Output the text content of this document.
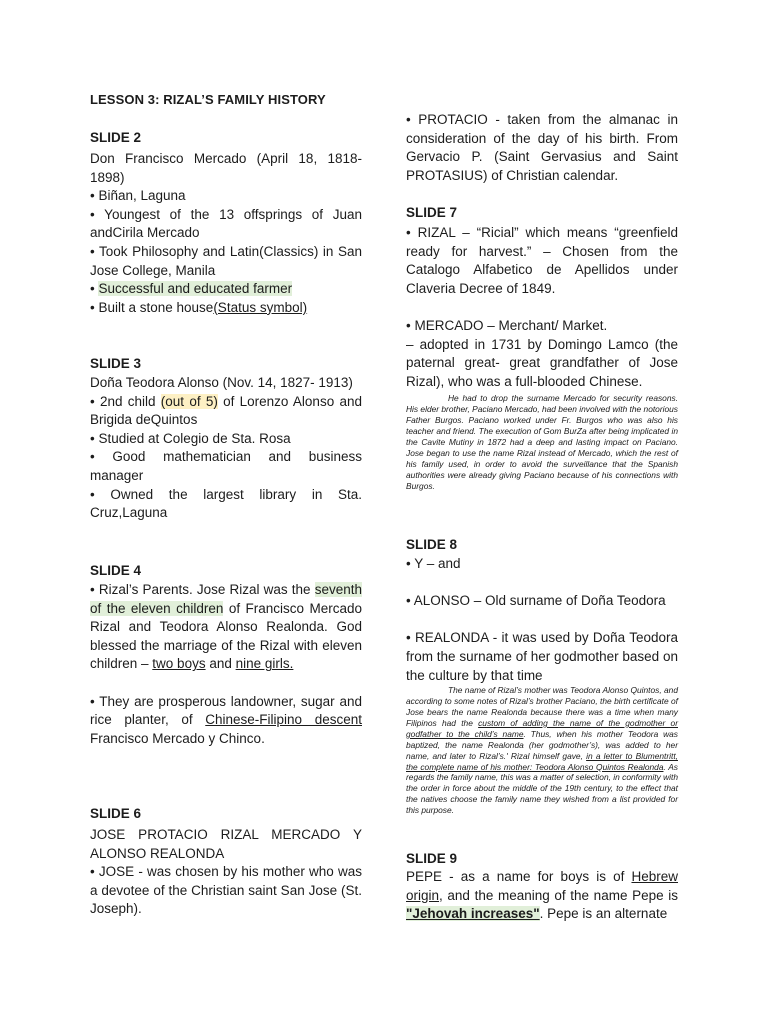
LESSON 3: RIZAL’S FAMILY HISTORY

SLIDE 2

Don Francisco Mercado (April 18, 1818-1898)

• Biñan, Laguna

• Youngest of the 13 offsprings of Juan andCirila Mercado

• Took Philosophy and Latin(Classics) in San Jose College, Manila

• Successful and educated farmer

• Built a stone house(Status symbol)

SLIDE 3

Doña Teodora Alonso (Nov. 14, 1827- 1913)

• 2nd child (out of 5) of Lorenzo Alonso and Brigida deQuintos

• Studied at Colegio de Sta. Rosa

• Good mathematician and business manager

• Owned the largest library in Sta. Cruz,Laguna

SLIDE 4

• Rizal’s Parents. Jose Rizal was the seventh of the eleven children of Francisco Mercado Rizal and Teodora Alonso Realonda. God blessed the marriage of the Rizal with eleven children – two boys and nine girls.

• They are prosperous landowner, sugar and rice planter, of Chinese-Filipino descent Francisco Mercado y Chinco.

SLIDE 6

JOSE PROTACIO RIZAL MERCADO Y ALONSO REALONDA

• JOSE - was chosen by his mother who was a devotee of the Christian saint San Jose (St. Joseph).

• PROTACIO - taken from the almanac in consideration of the day of his birth. From Gervacio P. (Saint Gervasius and Saint PROTASIUS) of Christian calendar.

SLIDE 7

• RIZAL – “Ricial” which means “greenfield ready for harvest.” – Chosen from the Catalogo Alfabetico de Apellidos under Claveria Decree of 1849.

• MERCADO – Merchant/ Market.

– adopted in 1731 by Domingo Lamco (the paternal great- great grandfather of Jose Rizal), who was a full-blooded Chinese.

He had to drop the surname Mercado for security reasons. His elder brother, Paciano Mercado, had been involved with the notorious Father Burgos. Paciano worked under Fr. Burgos who was also his teacher and friend. The execution of Gom BurZa after being implicated in the Cavite Mutiny in 1872 had a deep and lasting impact on Paciano. Jose began to use the name Rizal instead of Mercado, which the rest of his family used, in order to avoid the surveillance that the Spanish authorities were already giving Paciano because of his connections with Burgos.

SLIDE 8

• Y – and

• ALONSO – Old surname of Doña Teodora

• REALONDA - it was used by Doña Teodora from the surname of her godmother based on the culture by that time

The name of Rizal’s mother was Teodora Alonso Quintos, and according to some notes of Rizal’s brother Paciano, the birth certificate of Jose bears the name Realonda because there was a time when many Filipinos had the custom of adding the name of the godmother or godfather to the child’s name. Thus, when his mother Teodora was baptized, the name Realonda (her godmother’s), was added to her name, and later to Rizal’s.' Rizal himself gave, in a letter to Blumentritt, the complete name of his mother: Teodora Alonso Quintos Realonda. As regards the family name, this was a matter of selection, in conformity with the order in force about the middle of the 19th century, to the effect that the natives choose the family name they wished from a list provided for this purpose.

SLIDE 9

PEPE - as a name for boys is of Hebrew origin, and the meaning of the name Pepe is "Jehovah increases". Pepe is an alternate
